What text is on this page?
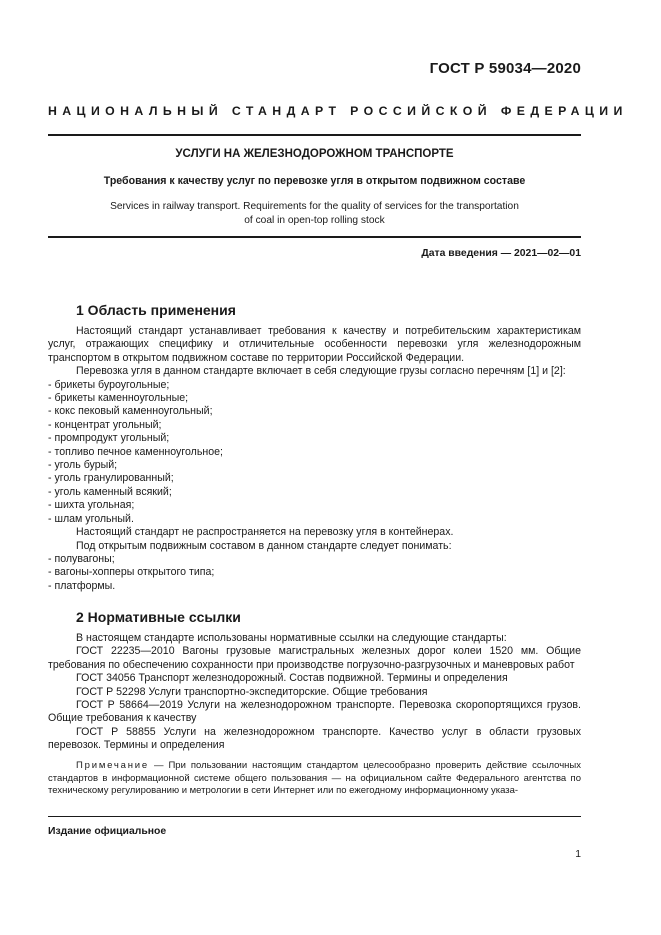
ГОСТ Р 59034—2020
НАЦИОНАЛЬНЫЙ СТАНДАРТ РОССИЙСКОЙ ФЕДЕРАЦИИ
УСЛУГИ НА ЖЕЛЕЗНОДОРОЖНОМ ТРАНСПОРТЕ
Требования к качеству услуг по перевозке угля в открытом подвижном составе
Services in railway transport. Requirements for the quality of services for the transportation
of coal in open-top rolling stock
Дата введения — 2021—02—01
1 Область применения

Настоящий стандарт устанавливает требования к качеству и потребительским характеристикам услуг, отражающих специфику и отличительные особенности перевозки угля железнодорожным транспортом в открытом подвижном составе по территории Российской Федерации.

Перевозка угля в данном стандарте включает в себя следующие грузы согласно перечням [1] и [2]:

- брикеты буроугольные;

- брикеты каменноугольные;

- кокс пековый каменноугольный;

- концентрат угольный;

- промпродукт угольный;

- топливо печное каменноугольное;

- уголь бурый;

- уголь гранулированный;

- уголь каменный всякий;

- шихта угольная;

- шлам угольный.

Настоящий стандарт не распространяется на перевозку угля в контейнерах.

Под открытым подвижным составом в данном стандарте следует понимать:

- полувагоны;

- вагоны-хопперы открытого типа;

- платформы.

2 Нормативные ссылки

В настоящем стандарте использованы нормативные ссылки на следующие стандарты:

ГОСТ 22235—2010 Вагоны грузовые магистральных железных дорог колеи 1520 мм. Общие требования по обеспечению сохранности при производстве погрузочно-разгрузочных и маневровых работ

ГОСТ 34056 Транспорт железнодорожный. Состав подвижной. Термины и определения

ГОСТ Р 52298 Услуги транспортно-экспедиторские. Общие требования

ГОСТ Р 58664—2019 Услуги на железнодорожном транспорте. Перевозка скоропортящихся грузов. Общие требования к качеству

ГОСТ Р 58855 Услуги на железнодорожном транспорте. Качество услуг в области грузовых перевозок. Термины и определения

Примечание — При пользовании настоящим стандартом целесообразно проверить действие ссылочных стандартов в информационной системе общего пользования — на официальном сайте Федерального агентства по техническому регулированию и метрологии в сети Интернет или по ежегодному информационному указа-
Издание официальное
1
